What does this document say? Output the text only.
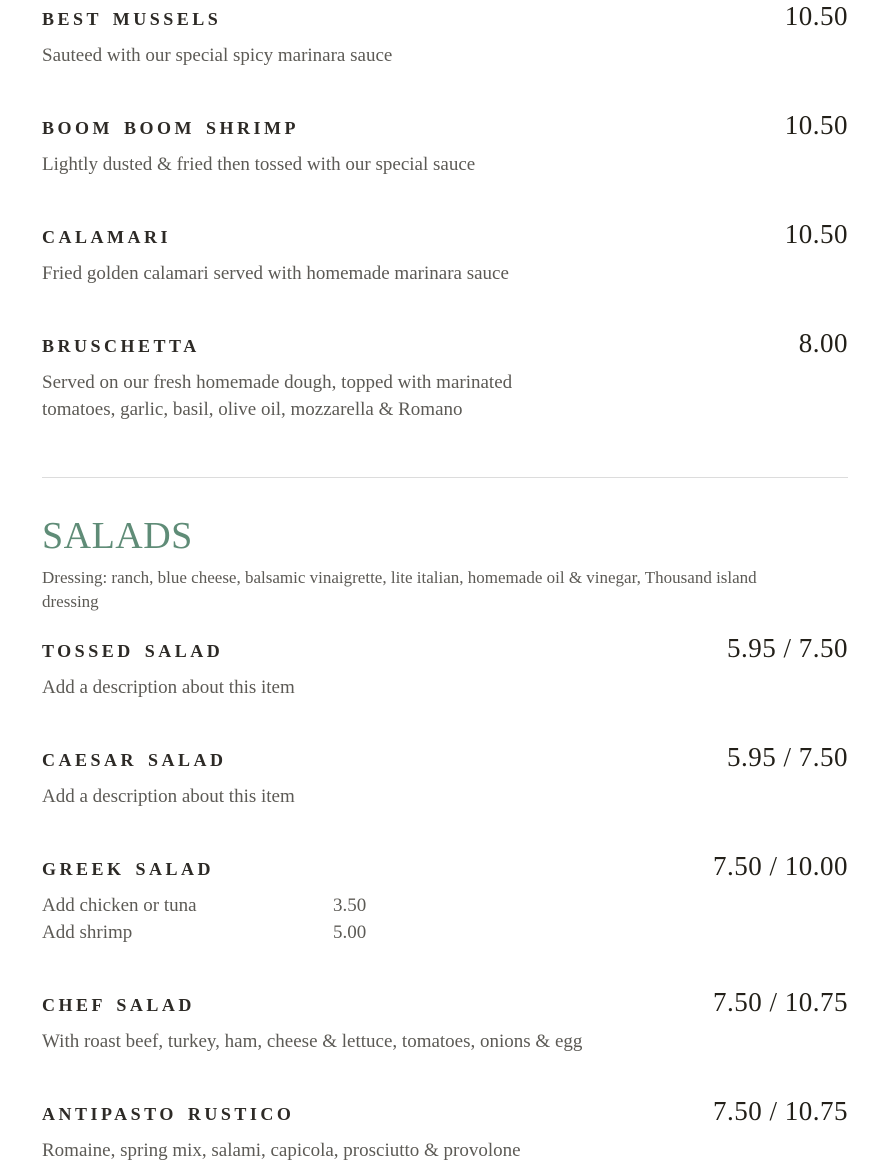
BEST MUSSELS	10.50
Sauteed with our special spicy marinara sauce
BOOM BOOM SHRIMP	10.50
Lightly dusted & fried then tossed with our special sauce
CALAMARI	10.50
Fried golden calamari served with homemade marinara sauce
BRUSCHETTA	8.00
Served on our fresh homemade dough, topped with marinated
tomatoes, garlic, basil, olive oil, mozzarella & Romano
SALADS

Dressing: ranch, blue cheese, balsamic vinaigrette, lite italian, homemade oil & vinegar, Thousand island
dressing

TOSSED SALAD	5.95 / 7.50
Add a description about this item
CAESAR SALAD	5.95 / 7.50
Add a description about this item
GREEK SALAD	7.50 / 10.00
Add chicken or tuna	3.50
Add shrimp	5.00
CHEF SALAD	7.50 / 10.75
With roast beef, turkey, ham, cheese & lettuce, tomatoes, onions & egg
ANTIPASTO RUSTICO	7.50 / 10.75
Romaine, spring mix, salami, capicola, prosciutto & provolone
